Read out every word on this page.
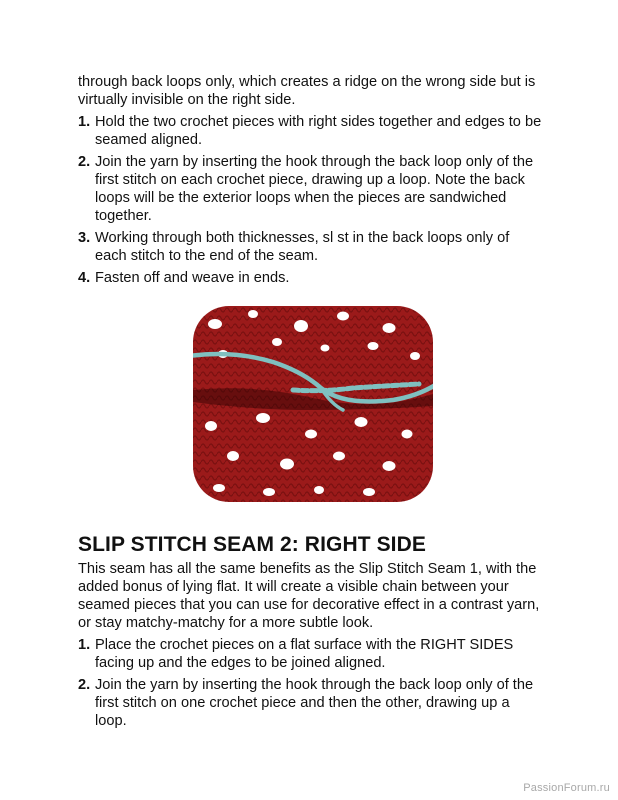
through back loops only, which creates a ridge on the wrong side but is virtually invisible on the right side.

1. Hold the two crochet pieces with right sides together and edges to be seamed aligned.
2. Join the yarn by inserting the hook through the back loop only of the first stitch on each crochet piece, drawing up a loop. Note the back loops will be the exterior loops when the pieces are sandwiched together.
3. Working through both thicknesses, sl st in the back loops only of each stitch to the end of the seam.
4. Fasten off and weave in ends.
SLIP STITCH SEAM 2: RIGHT SIDE

This seam has all the same benefits as the Slip Stitch Seam 1, with the added bonus of lying flat. It will create a visible chain between your seamed pieces that you can use for decorative effect in a contrast yarn, or stay matchy-matchy for a more subtle look.

1. Place the crochet pieces on a flat surface with the RIGHT SIDES facing up and the edges to be joined aligned.
2. Join the yarn by inserting the hook through the back loop only of the first stitch on one crochet piece and then the other, drawing up a loop.
PassionForum.ru
